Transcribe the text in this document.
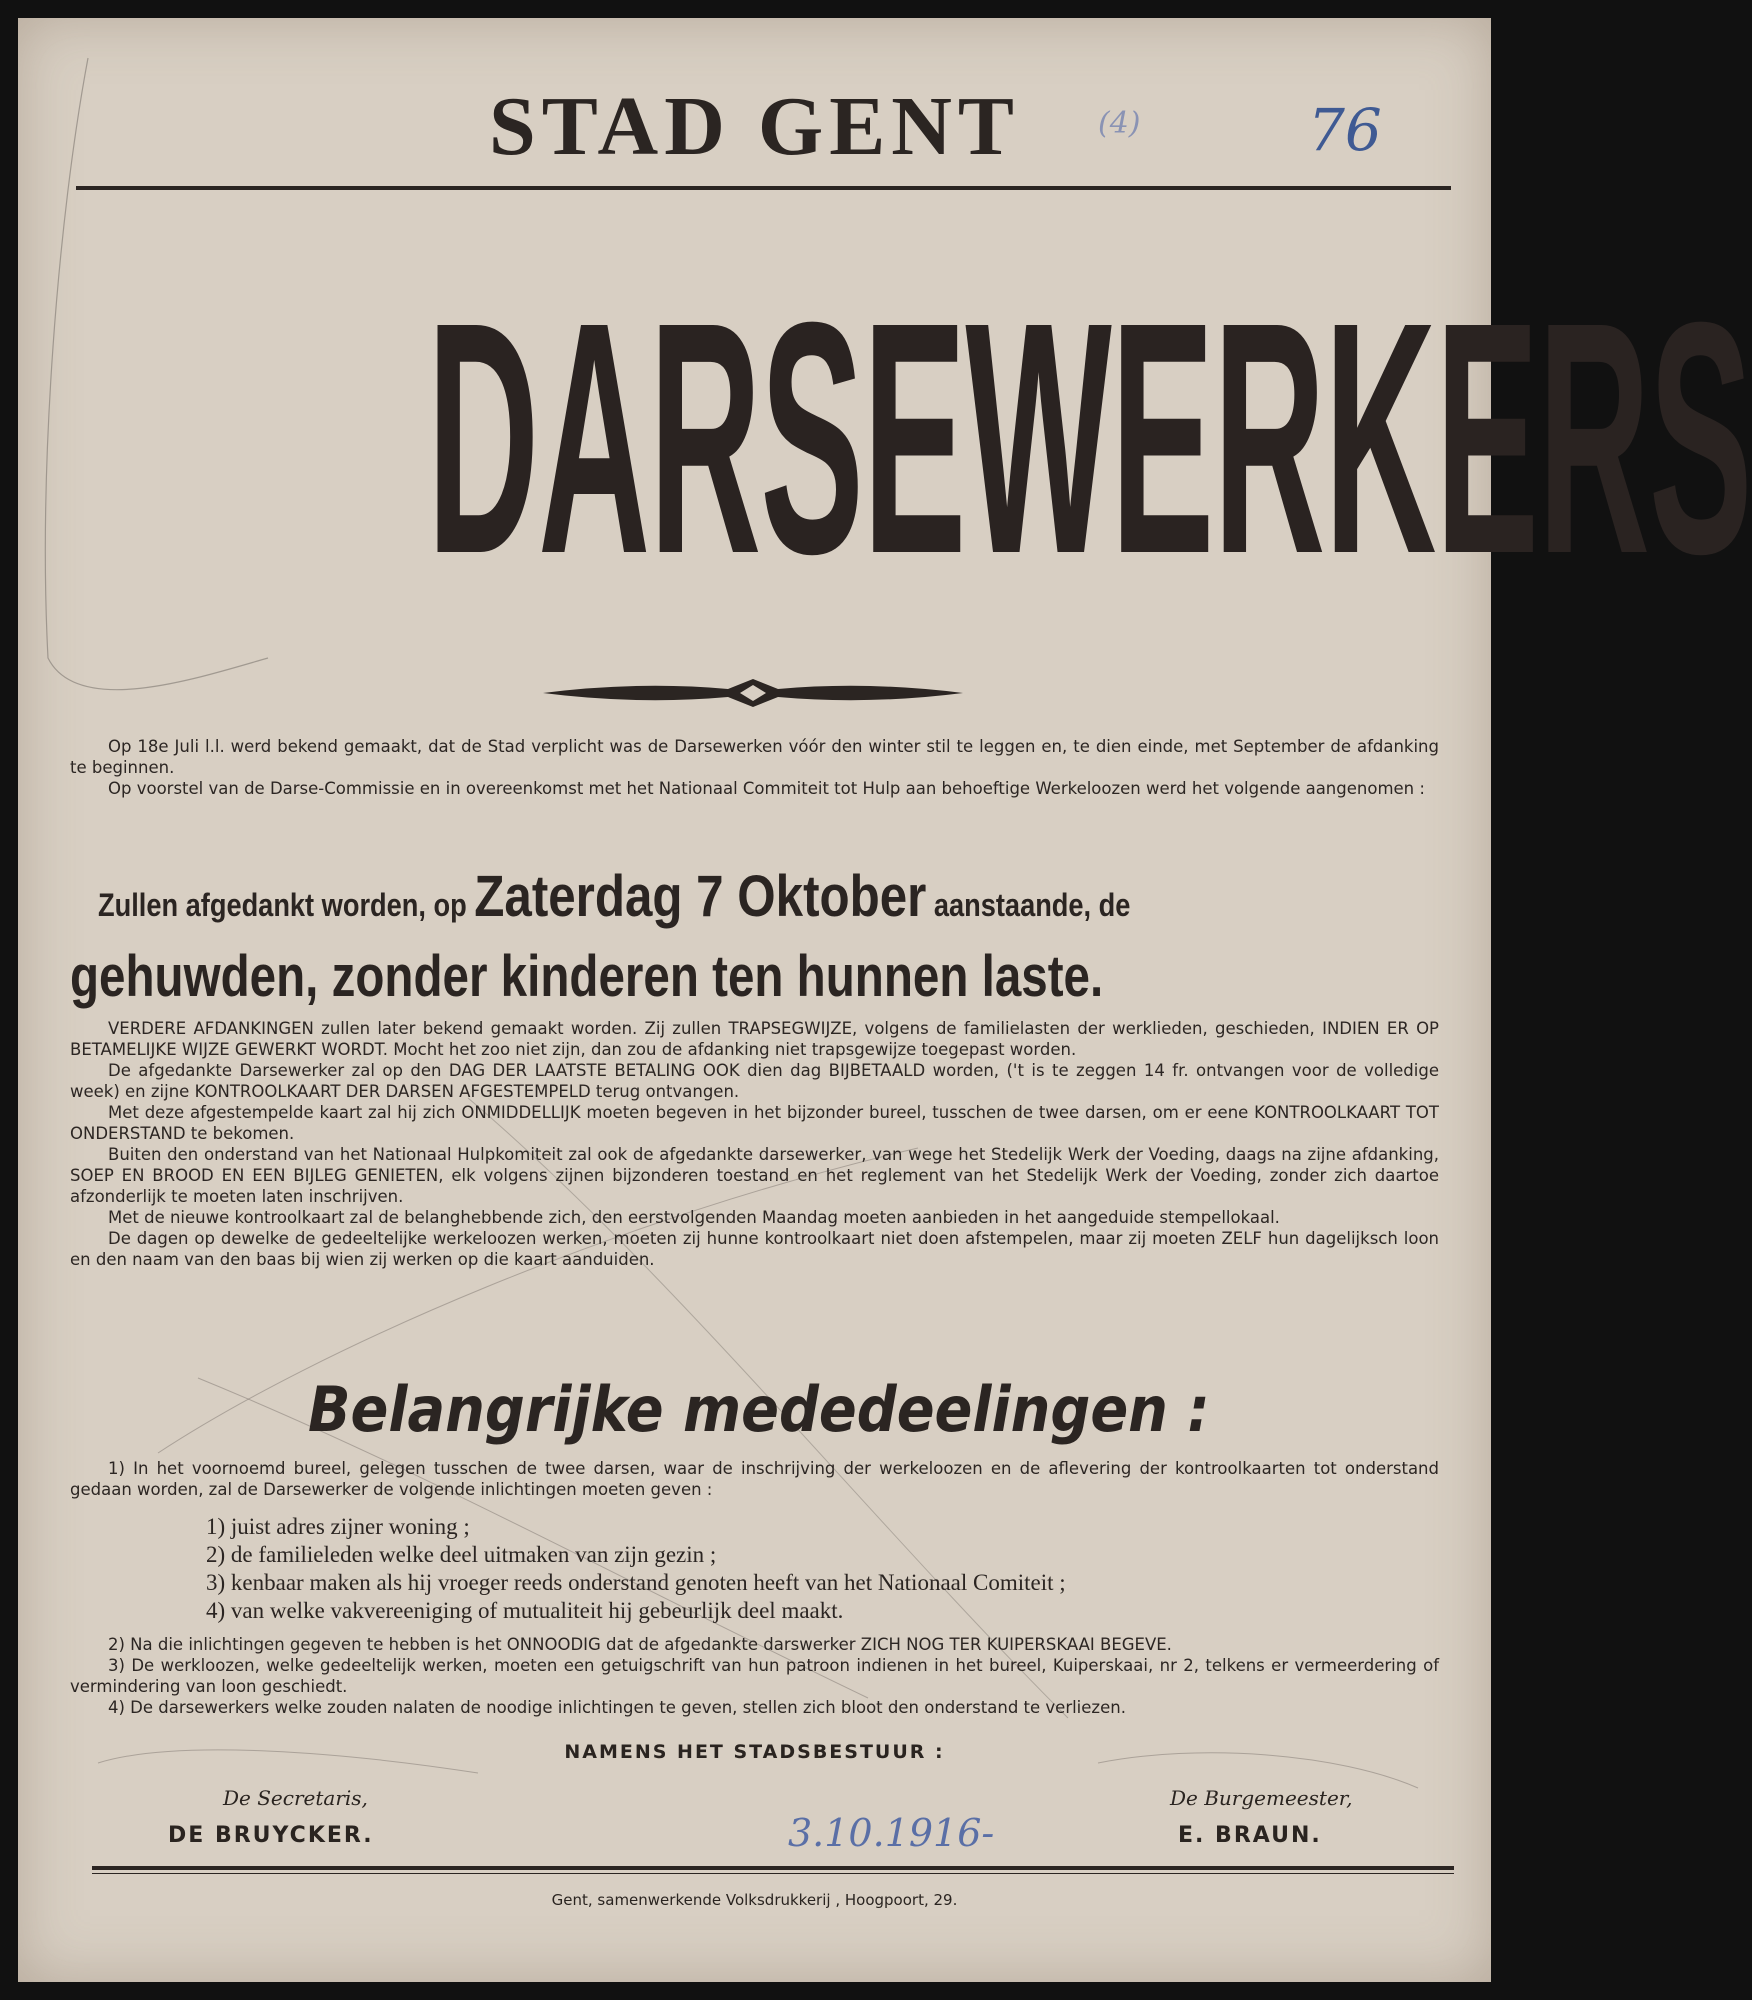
STAD GENT	(4)	76
DARSEWERKERS

Op 18e Juli l.l. werd bekend gemaakt, dat de Stad verplicht was de Darsewerken vóór den winter stil te leggen en, te dien einde, met September de afdanking te beginnen.

Op voorstel van de Darse-Commissie en in overeenkomst met het Nationaal Commiteit tot Hulp aan behoeftige Werkeloozen werd het volgende aangenomen :

Zullen afgedankt worden, op Zaterdag 7 Oktober aanstaande, de
gehuwden, zonder kinderen ten hunnen laste.

VERDERE AFDANKINGEN zullen later bekend gemaakt worden. Zij zullen TRAPSEGWIJZE, volgens de familielasten der werklieden, geschieden, INDIEN ER OP BETAMELIJKE WIJZE GEWERKT WORDT. Mocht het zoo niet zijn, dan zou de afdanking niet trapsgewijze toegepast worden.

De afgedankte Darsewerker zal op den DAG DER LAATSTE BETALING OOK dien dag BIJBETAALD worden, ('t is te zeggen 14 fr. ontvangen voor de volledige week) en zijne KONTROOLKAART DER DARSEN AFGESTEMPELD terug ontvangen.

Met deze afgestempelde kaart zal hij zich ONMIDDELLIJK moeten begeven in het bijzonder bureel, tusschen de twee darsen, om er eene KONTROOLKAART TOT ONDERSTAND te bekomen.

Buiten den onderstand van het Nationaal Hulpkomiteit zal ook de afgedankte darsewerker, van wege het Stedelijk Werk der Voeding, daags na zijne afdanking, SOEP EN BROOD EN EEN BIJLEG GENIETEN, elk volgens zijnen bijzonderen toestand en het reglement van het Stedelijk Werk der Voeding, zonder zich daartoe afzonderlijk te moeten laten inschrijven.

Met de nieuwe kontroolkaart zal de belanghebbende zich, den eerstvolgenden Maandag moeten aanbieden in het aangeduide stempellokaal.

De dagen op dewelke de gedeeltelijke werkeloozen werken, moeten zij hunne kontroolkaart niet doen afstempelen, maar zij moeten ZELF hun dagelijksch loon en den naam van den baas bij wien zij werken op die kaart aanduiden.

Belangrijke mededeelingen :

1) In het voornoemd bureel, gelegen tusschen de twee darsen, waar de inschrijving der werkeloozen en de aflevering der kontroolkaarten tot onderstand gedaan worden, zal de Darsewerker de volgende inlichtingen moeten geven :

1) juist adres zijner woning ;
2) de familieleden welke deel uitmaken van zijn gezin ;
3) kenbaar maken als hij vroeger reeds onderstand genoten heeft van het Nationaal Comiteit ;
4) van welke vakvereeniging of mutualiteit hij gebeurlijk deel maakt.

2) Na die inlichtingen gegeven te hebben is het ONNOODIG dat de afgedankte darswerker ZICH NOG TER KUIPERSKAAI BEGEVE.

3) De werkloozen, welke gedeeltelijk werken, moeten een getuigschrift van hun patroon indienen in het bureel, Kuiperskaai, nr 2, telkens er vermeerdering of vermindering van loon geschiedt.

4) De darsewerkers welke zouden nalaten de noodige inlichtingen te geven, stellen zich bloot den onderstand te verliezen.

NAMENS HET STADSBESTUUR :
De Secretaris,
DE BRUYCKER.	3.10.1916-
De Burgemeester,
E. BRAUN.
Gent, samenwerkende Volksdrukkerij , Hoogpoort, 29.
